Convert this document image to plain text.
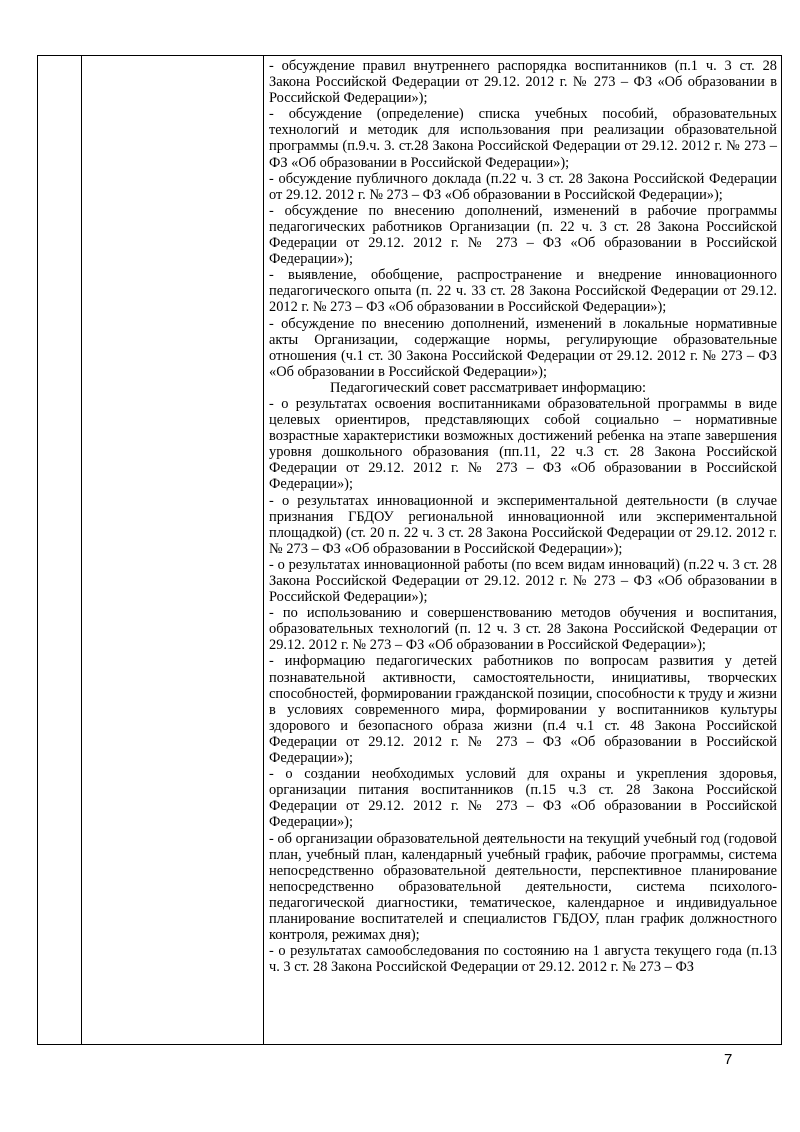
- обсуждение правил внутреннего распорядка воспитанников (п.1 ч. 3 ст. 28 Закона Российской Федерации от 29.12. 2012 г. № 273 – ФЗ «Об образовании в Российской Федерации»);

- обсуждение (определение) списка учебных пособий, образовательных технологий и методик для использования при реализации образовательной программы (п.9.ч. 3. ст.28 Закона Российской Федерации от 29.12. 2012 г. № 273 – ФЗ «Об образовании в Российской Федерации»);

- обсуждение публичного доклада (п.22 ч. 3 ст. 28 Закона Российской Федерации от 29.12. 2012 г. № 273 – ФЗ «Об образовании в Российской Федерации»);

- обсуждение по внесению дополнений, изменений в рабочие программы педагогических работников Организации (п. 22 ч. 3 ст. 28 Закона Российской Федерации от 29.12. 2012 г. № 273 – ФЗ «Об образовании в Российской Федерации»);

- выявление, обобщение, распространение и внедрение инновационного педагогического опыта (п. 22 ч. 33 ст. 28 Закона Российской Федерации от 29.12. 2012 г. № 273 – ФЗ «Об образовании в Российской Федерации»);

- обсуждение по внесению дополнений, изменений в локальные нормативные акты Организации, содержащие нормы, регулирующие образовательные отношения (ч.1 ст. 30 Закона Российской Федерации от 29.12. 2012 г. № 273 – ФЗ «Об образовании в Российской Федерации»);

Педагогический совет рассматривает информацию:

- о результатах освоения воспитанниками образовательной программы в виде целевых ориентиров, представляющих собой социально – нормативные возрастные характеристики возможных достижений ребенка на этапе завершения уровня дошкольного образования (пп.11, 22 ч.3 ст. 28 Закона Российской Федерации от 29.12. 2012 г. № 273 – ФЗ «Об образовании в Российской Федерации»);

- о результатах инновационной и экспериментальной деятельности (в случае признания ГБДОУ региональной инновационной или экспериментальной площадкой) (ст. 20 п. 22 ч. 3 ст. 28 Закона Российской Федерации от 29.12. 2012 г. № 273 – ФЗ «Об образовании в Российской Федерации»);

- о результатах инновационной работы (по всем видам инноваций) (п.22 ч. 3 ст. 28 Закона Российской Федерации от 29.12. 2012 г. № 273 – ФЗ «Об образовании в Российской Федерации»);

- по использованию и совершенствованию методов обучения и воспитания, образовательных технологий (п. 12 ч. 3 ст. 28 Закона Российской Федерации от 29.12. 2012 г. № 273 – ФЗ «Об образовании в Российской Федерации»);

- информацию педагогических работников по вопросам развития у детей познавательной активности, самостоятельности, инициативы, творческих способностей, формировании гражданской позиции, способности к труду и жизни в условиях современного мира, формировании у воспитанников культуры здорового и безопасного образа жизни (п.4 ч.1 ст. 48 Закона Российской Федерации от 29.12. 2012 г. № 273 – ФЗ «Об образовании в Российской Федерации»);

- о создании необходимых условий для охраны и укрепления здоровья, организации питания воспитанников (п.15 ч.3 ст. 28 Закона Российской Федерации от 29.12. 2012 г. № 273 – ФЗ «Об образовании в Российской Федерации»);

- об организации образовательной деятельности на текущий учебный год (годовой план, учебный план, календарный учебный график, рабочие программы, система непосредственно образовательной деятельности, перспективное планирование непосредственно образовательной деятельности, система психолого-педагогической диагностики, тематическое, календарное и индивидуальное планирование воспитателей и специалистов ГБДОУ, план график должностного контроля, режимах дня);

- о результатах самообследования по состоянию на 1 августа текущего года (п.13 ч. 3 ст. 28 Закона Российской Федерации от 29.12. 2012 г. № 273 – ФЗ

7
